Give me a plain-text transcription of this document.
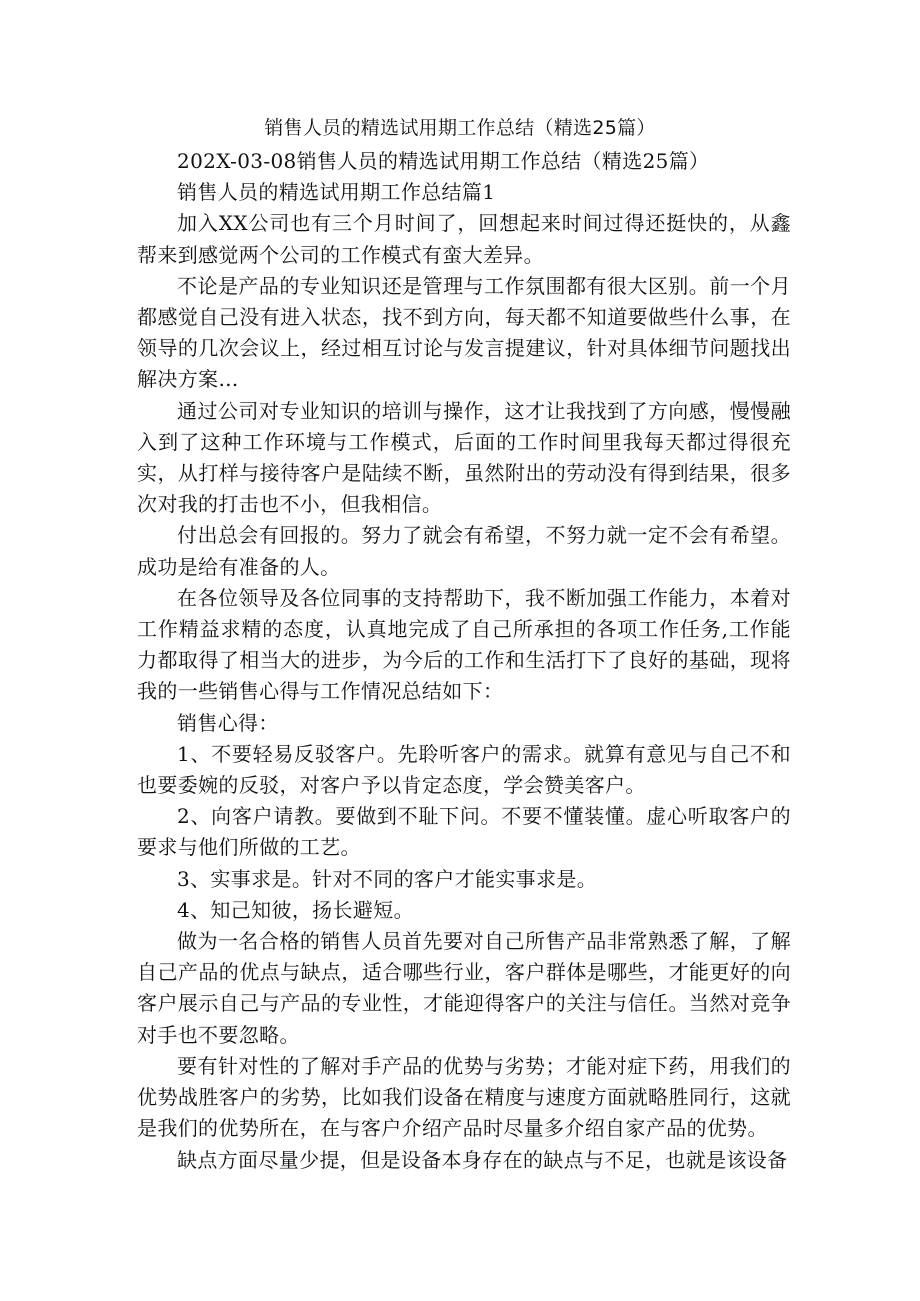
销售人员的精选试用期工作总结（精选25篇）

202X-03-08销售人员的精选试用期工作总结（精选25篇）

销售人员的精选试用期工作总结篇1

加入XX公司也有三个月时间了，回想起来时间过得还挺快的，从鑫帮来到感觉两个公司的工作模式有蛮大差异。

不论是产品的专业知识还是管理与工作氛围都有很大区别。前一个月都感觉自己没有进入状态，找不到方向，每天都不知道要做些什么事，在领导的几次会议上，经过相互讨论与发言提建议，针对具体细节问题找出解决方案…

通过公司对专业知识的培训与操作，这才让我找到了方向感，慢慢融入到了这种工作环境与工作模式，后面的工作时间里我每天都过得很充实，从打样与接待客户是陆续不断，虽然附出的劳动没有得到结果，很多次对我的打击也不小，但我相信。

付出总会有回报的。努力了就会有希望，不努力就一定不会有希望。成功是给有准备的人。

在各位领导及各位同事的支持帮助下，我不断加强工作能力，本着对工作精益求精的态度，认真地完成了自己所承担的各项工作任务,工作能力都取得了相当大的进步，为今后的工作和生活打下了良好的基础，现将我的一些销售心得与工作情况总结如下：

销售心得：

1、不要轻易反驳客户。先聆听客户的需求。就算有意见与自己不和也要委婉的反驳，对客户予以肯定态度，学会赞美客户。

2、向客户请教。要做到不耻下问。不要不懂装懂。虚心听取客户的要求与他们所做的工艺。

3、实事求是。针对不同的客户才能实事求是。

4、知己知彼，扬长避短。

做为一名合格的销售人员首先要对自己所售产品非常熟悉了解，了解自己产品的优点与缺点，适合哪些行业，客户群体是哪些，才能更好的向客户展示自己与产品的专业性，才能迎得客户的关注与信任。当然对竞争对手也不要忽略。

要有针对性的了解对手产品的优势与劣势；才能对症下药，用我们的优势战胜客户的劣势，比如我们设备在精度与速度方面就略胜同行，这就是我们的优势所在，在与客户介绍产品时尽量多介绍自家产品的优势。

缺点方面尽量少提，但是设备本身存在的缺点与不足，也就是该设备
